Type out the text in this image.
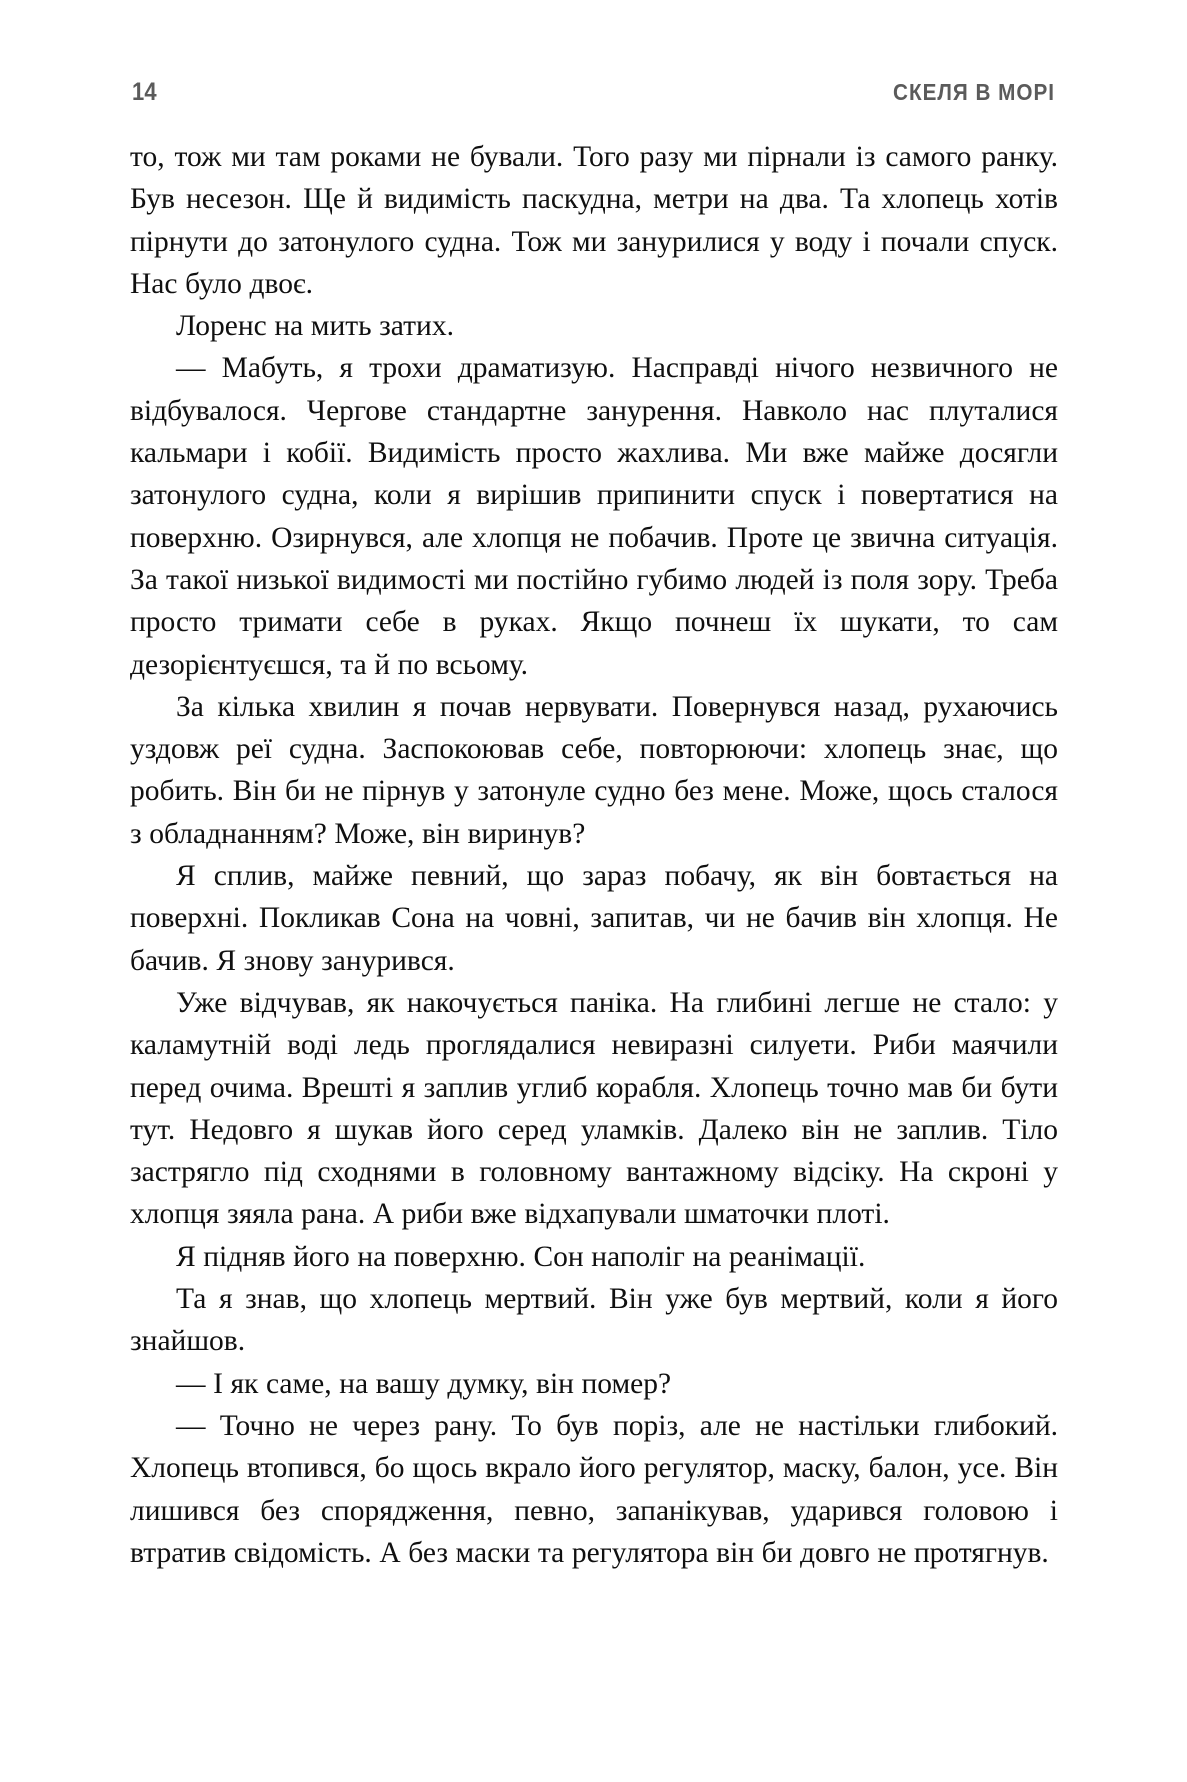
14	СКЕЛЯ В МОРІ

то, тож ми там роками не бували. Того разу ми пірнали із самого ранку. Був несезон. Ще й видимість паскудна, метри на два. Та хлопець хотів пірнути до затонулого судна. Тож ми занурилися у воду і почали спуск. Нас було двоє.

Лоренс на мить затих.

— Мабуть, я трохи драматизую. Насправді нічого незвичного не відбувалося. Чергове стандартне занурення. Навколо нас плуталися кальмари і кобії. Видимість просто жахлива. Ми вже майже досягли затонулого судна, коли я вирішив припинити спуск і повертатися на поверхню. Озирнувся, але хлопця не побачив. Проте це звична ситуація. За такої низької видимості ми постійно губимо людей із поля зору. Треба просто тримати себе в руках. Якщо почнеш їх шукати, то сам дезорієнтуєшся, та й по всьому.

За кілька хвилин я почав нервувати. Повернувся назад, рухаючись уздовж реї судна. Заспокоював себе, повторюючи: хлопець знає, що робить. Він би не пірнув у затонуле судно без мене. Може, щось сталося з обладнанням? Може, він виринув?

Я сплив, майже певний, що зараз побачу, як він бовтається на поверхні. Покликав Сона на човні, запитав, чи не бачив він хлопця. Не бачив. Я знову занурився.

Уже відчував, як накочується паніка. На глибині легше не стало: у каламутній воді ледь проглядалися невиразні силуети. Риби маячили перед очима. Врешті я заплив углиб корабля. Хлопець точно мав би бути тут. Недовго я шукав його серед уламків. Далеко він не заплив. Тіло застрягло під сходнями в головному вантажному відсіку. На скроні у хлопця зяяла рана. А риби вже відхапували шматочки плоті.

Я підняв його на поверхню. Сон наполіг на реанімації.

Та я знав, що хлопець мертвий. Він уже був мертвий, коли я його знайшов.

— І як саме, на вашу думку, він помер?

— Точно не через рану. То був поріз, але не настільки глибокий. Хлопець втопився, бо щось вкрало його регулятор, маску, балон, усе. Він лишився без спорядження, певно, запанікував, ударився головою і втратив свідомість. А без маски та регулятора він би довго не протягнув.
